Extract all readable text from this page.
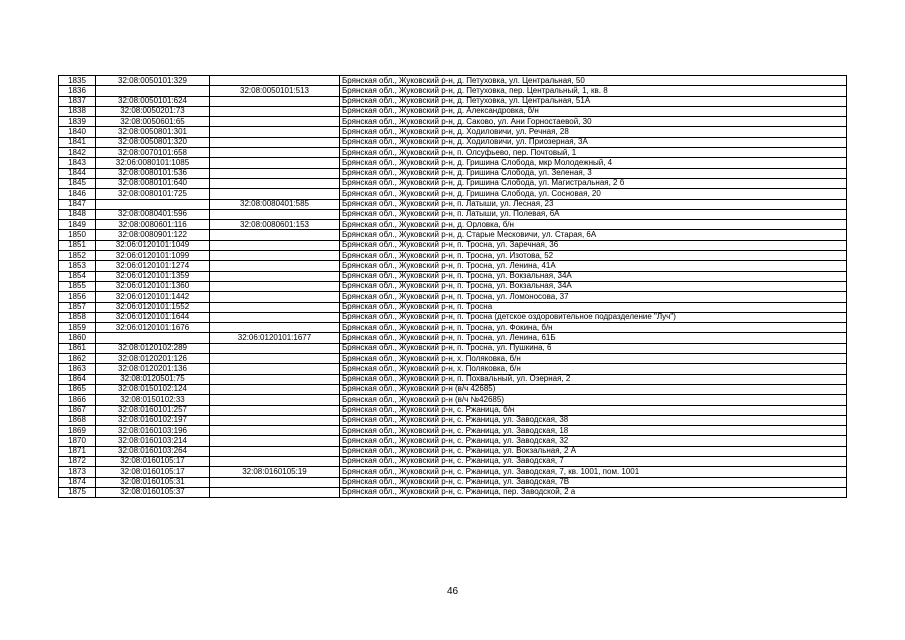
1835	32:08:0050101:329		Брянская обл., Жуковский р-н, д. Петуховка, ул. Центральная, 50
1836		32:08:0050101:513	Брянская обл., Жуковский р-н, д. Петуховка, пер. Центральный, 1, кв. 8
1837	32:08:0050101:624		Брянская обл., Жуковский р-н, д. Петуховка, ул. Центральная, 51А
1838	32:08:0050201:73		Брянская обл., Жуковский р-н, д. Александровка, б/н
1839	32:08:0050601:65		Брянская обл., Жуковский р-н, д. Саково, ул. Ани Горностаевой, 30
1840	32:08:0050801:301		Брянская обл., Жуковский р-н, д. Ходиловичи, ул. Речная, 28
1841	32:08:0050801:320		Брянская обл., Жуковский р-н, д. Ходиловичи, ул. Приозерная, 3А
1842	32:08:0070101:658		Брянская обл., Жуковский р-н, п. Олсуфьево, пер. Почтовый, 1
1843	32:06:0080101:1085		Брянская обл., Жуковский р-н, д. Гришина Слобода, мкр Молодежный, 4
1844	32:08:0080101:536		Брянская обл., Жуковский р-н, д. Гришина Слобода, ул. Зеленая, 3
1845	32:08:0080101:640		Брянская обл., Жуковский р-н, д. Гришина Слобода, ул. Магистральная, 2 б
1846	32:08:0080101:725		Брянская обл., Жуковский р-н, д. Гришина Слобода, ул. Сосновая, 20
1847		32:08:0080401:585	Брянская обл., Жуковский р-н, п. Латыши, ул. Лесная, 23
1848	32:08:0080401:596		Брянская обл., Жуковский р-н, п. Латыши, ул. Полевая, 6А
1849	32:08:0080601:116	32:08:0080601:153	Брянская обл., Жуковский р-н, д. Орловка, б/н
1850	32:08:0080901:122		Брянская обл., Жуковский р-н, д. Старые Месковичи, ул. Старая, 6А
1851	32:06:0120101:1049		Брянская обл., Жуковский р-н, п. Тросна, ул. Заречная, 36
1852	32:06:0120101:1099		Брянская обл., Жуковский р-н, п. Тросна, ул. Изотова, 52
1853	32:06:0120101:1274		Брянская обл., Жуковский р-н, п. Тросна, ул. Ленина, 41А
1854	32:06:0120101:1359		Брянская обл., Жуковский р-н, п. Тросна, ул. Вокзальная, 34А
1855	32:06:0120101:1360		Брянская обл., Жуковский р-н, п. Тросна, ул. Вокзальная, 34А
1856	32:06:0120101:1442		Брянская обл., Жуковский р-н, п. Тросна, ул. Ломоносова, 37
1857	32:06:0120101:1552		Брянская обл., Жуковский р-н, п. Тросна
1858	32:06:0120101:1644		Брянская обл., Жуковский р-н, п. Тросна (детское оздоровительное подразделение "Луч")
1859	32:06:0120101:1676		Брянская обл., Жуковский р-н, п. Тросна, ул. Фокина, б/н
1860		32:06:0120101:1677	Брянская обл., Жуковский р-н, п. Тросна, ул. Ленина, 61Б
1861	32:08:0120102:289		Брянская обл., Жуковский р-н, п. Тросна, ул. Пушкина, 6
1862	32:08:0120201:126		Брянская обл., Жуковский р-н, х. Поляковка, б/н
1863	32:08:0120201:136		Брянская обл., Жуковский р-н, х. Поляковка, б/н
1864	32:08:0120501:75		Брянская обл., Жуковский р-н, п. Похвальный, ул. Озерная, 2
1865	32:08:0150102:124		Брянская обл., Жуковский р-н (в/ч 42685)
1866	32:08:0150102:33		Брянская обл., Жуковский р-н (в/ч №42685)
1867	32:08:0160101:257		Брянская обл., Жуковский р-н, с. Ржаница, б/н
1868	32:08:0160102:197		Брянская обл., Жуковский р-н, с. Ржаница, ул. Заводская, 38
1869	32:08:0160103:196		Брянская обл., Жуковский р-н, с. Ржаница, ул. Заводская, 18
1870	32:08:0160103:214		Брянская обл., Жуковский р-н, с. Ржаница, ул. Заводская, 32
1871	32:08:0160103:264		Брянская обл., Жуковский р-н, с. Ржаница, ул. Вокзальная, 2 А
1872	32:08:0160105:17		Брянская обл., Жуковский р-н, с. Ржаница, ул. Заводская, 7
1873	32:08:0160105:17	32:08:0160105:19	Брянская обл., Жуковский р-н, с. Ржаница, ул. Заводская, 7, кв. 1001, пом. 1001
1874	32:08:0160105:31		Брянская обл., Жуковский р-н, с. Ржаница, ул. Заводская, 7В
1875	32:08:0160105:37		Брянская обл., Жуковский р-н, с. Ржаница, пер. Заводской, 2 а
46
